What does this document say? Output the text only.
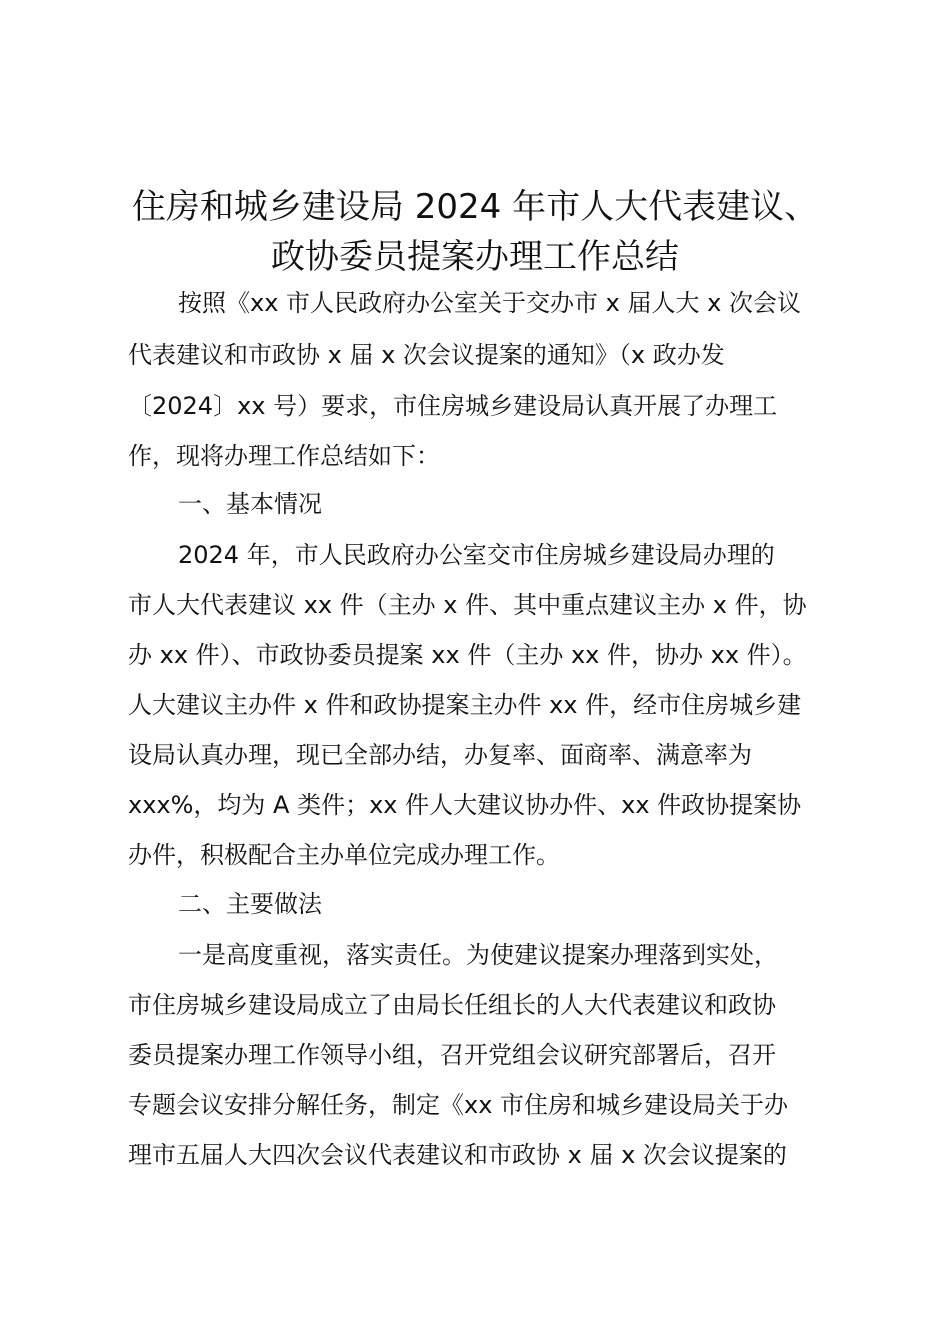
住房和城乡建设局 2024 年市人大代表建议、
政协委员提案办理工作总结
按照《xx 市人民政府办公室关于交办市 x 届人大 x 次会议
代表建议和市政协 x 届 x 次会议提案的通知》（x 政办发
〔2024〕xx 号）要求，市住房城乡建设局认真开展了办理工
作，现将办理工作总结如下：
一、基本情况
2024 年，市人民政府办公室交市住房城乡建设局办理的
市人大代表建议 xx 件（主办 x 件、其中重点建议主办 x 件，协
办 xx 件）、市政协委员提案 xx 件（主办 xx 件，协办 xx 件）。
人大建议主办件 x 件和政协提案主办件 xx 件，经市住房城乡建
设局认真办理，现已全部办结，办复率、面商率、满意率为
xxx%，均为 A 类件；xx 件人大建议协办件、xx 件政协提案协
办件，积极配合主办单位完成办理工作。
二、主要做法
一是高度重视，落实责任。为使建议提案办理落到实处，
市住房城乡建设局成立了由局长任组长的人大代表建议和政协
委员提案办理工作领导小组，召开党组会议研究部署后，召开
专题会议安排分解任务，制定《xx 市住房和城乡建设局关于办
理市五届人大四次会议代表建议和市政协 x 届 x 次会议提案的
